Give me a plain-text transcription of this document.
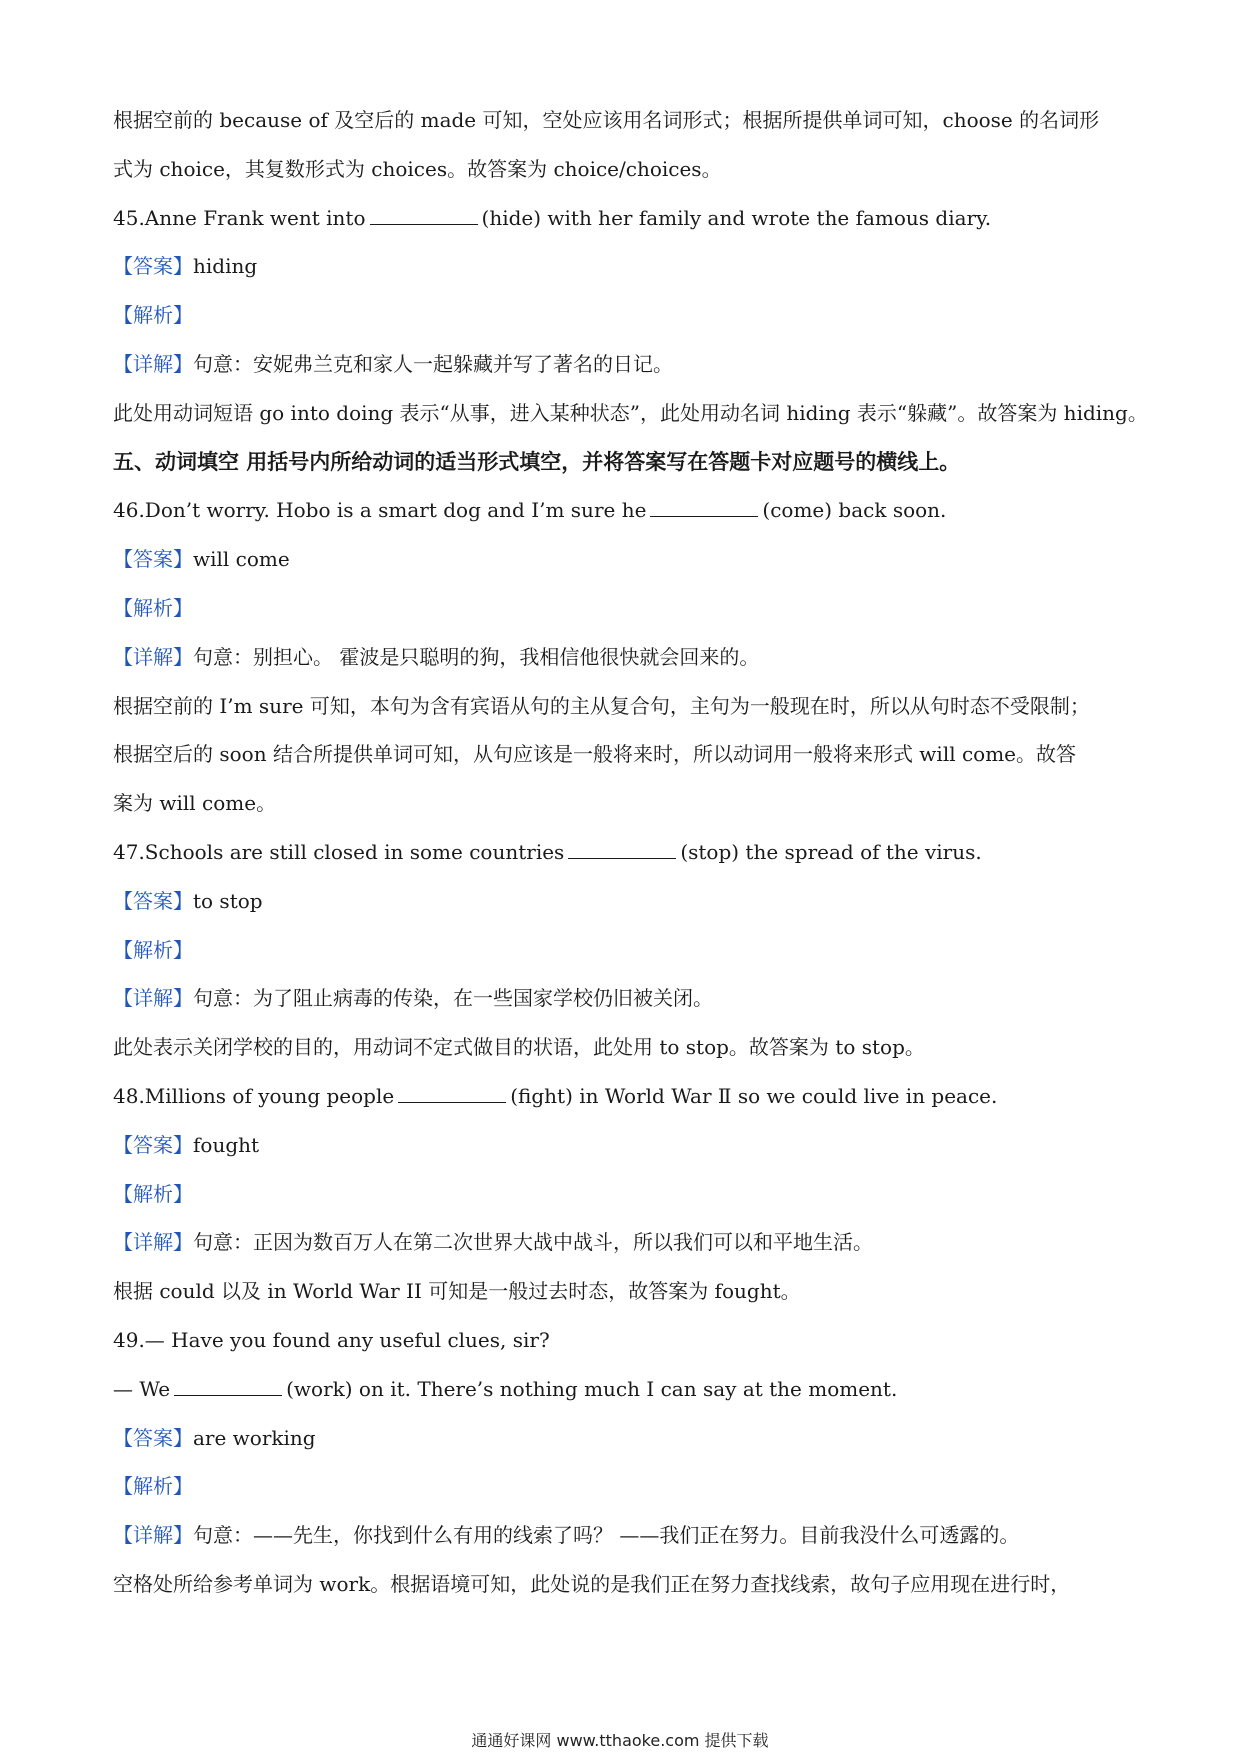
根据空前的 because of 及空后的 made 可知，空处应该用名词形式；根据所提供单词可知，choose 的名词形
式为 choice，其复数形式为 choices。故答案为 choice/choices。
45.Anne Frank went into	(hide) with her family and wrote the famous diary.
【答案】hiding
【解析】
【详解】句意：安妮弗兰克和家人一起躲藏并写了著名的日记。
此处用动词短语 go into doing 表示“从事，进入某种状态”，此处用动名词 hiding 表示“躲藏”。故答案为 hiding。
五、动词填空 用括号内所给动词的适当形式填空，并将答案写在答题卡对应题号的横线上。
46.Don’t worry. Hobo is a smart dog and I’m sure he	(come) back soon.
【答案】will come
【解析】
【详解】句意：别担心。 霍波是只聪明的狗，我相信他很快就会回来的。
根据空前的 I’m sure 可知，本句为含有宾语从句的主从复合句，主句为一般现在时，所以从句时态不受限制；
根据空后的 soon 结合所提供单词可知，从句应该是一般将来时，所以动词用一般将来形式 will come。故答
案为 will come。
47.Schools are still closed in some countries	(stop) the spread of the virus.
【答案】to stop
【解析】
【详解】句意：为了阻止病毒的传染，在一些国家学校仍旧被关闭。
此处表示关闭学校的目的，用动词不定式做目的状语，此处用 to stop。故答案为 to stop。
48.Millions of young people	(fight) in World War Ⅱ so we could live in peace.
【答案】fought
【解析】
【详解】句意：正因为数百万人在第二次世界大战中战斗，所以我们可以和平地生活。
根据 could 以及 in World War II 可知是一般过去时态，故答案为 fought。
49.— Have you found any useful clues, sir?
— We	(work) on it. There’s nothing much I can say at the moment.
【答案】are working
【解析】
【详解】句意：——先生，你找到什么有用的线索了吗？ ——我们正在努力。目前我没什么可透露的。
空格处所给参考单词为 work。根据语境可知，此处说的是我们正在努力查找线索，故句子应用现在进行时，
通通好课网 www.tthaoke.com 提供下载
